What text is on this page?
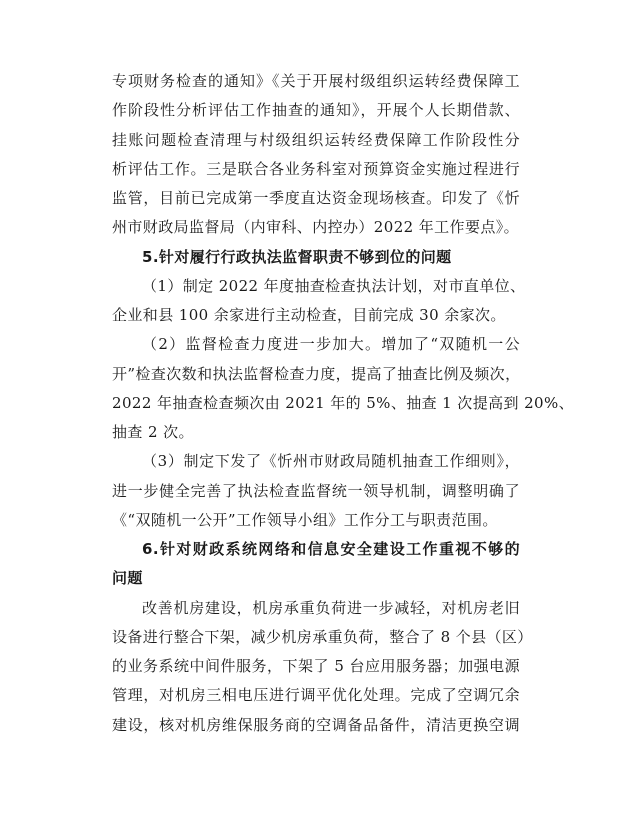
专项财务检查的通知》《关于开展村级组织运转经费保障工
作阶段性分析评估工作抽查的通知》，开展个人长期借款、
挂账问题检查清理与村级组织运转经费保障工作阶段性分
析评估工作。三是联合各业务科室对预算资金实施过程进行
监管，目前已完成第一季度直达资金现场核查。印发了《忻
州市财政局监督局（内审科、内控办）2022 年工作要点》。
5.针对履行行政执法监督职责不够到位的问题
（1）制定 2022 年度抽查检查执法计划，对市直单位、
企业和县 100 余家进行主动检查，目前完成 30 余家次。
（2）监督检查力度进一步加大。增加了“双随机一公
开”检查次数和执法监督检查力度，提高了抽查比例及频次，
2022 年抽查检查频次由 2021 年的 5%、抽查 1 次提高到 20%、
抽查 2 次。
（3）制定下发了《忻州市财政局随机抽查工作细则》，
进一步健全完善了执法检查监督统一领导机制，调整明确了
《“双随机一公开”工作领导小组》工作分工与职责范围。
6.针对财政系统网络和信息安全建设工作重视不够的
问题
改善机房建设，机房承重负荷进一步减轻，对机房老旧
设备进行整合下架，减少机房承重负荷，整合了 8 个县（区）
的业务系统中间件服务，下架了 5 台应用服务器；加强电源
管理，对机房三相电压进行调平优化处理。完成了空调冗余
建设，核对机房维保服务商的空调备品备件，清洁更换空调
